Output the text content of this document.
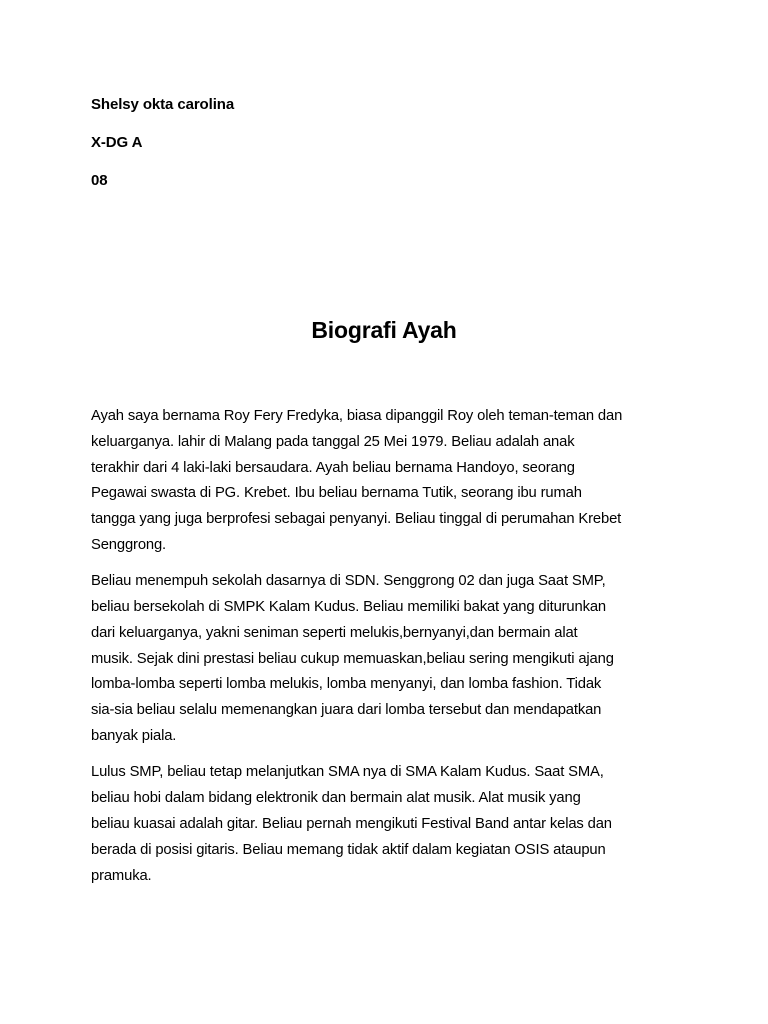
Shelsy okta carolina
X-DG A
08
Biografi Ayah
Ayah saya bernama Roy Fery Fredyka, biasa dipanggil Roy oleh teman-teman dan
keluarganya. lahir di Malang pada tanggal 25 Mei 1979. Beliau adalah anak
terakhir dari 4 laki-laki bersaudara. Ayah beliau bernama Handoyo, seorang
Pegawai swasta di PG. Krebet. Ibu beliau bernama Tutik, seorang ibu rumah
tangga yang juga berprofesi sebagai penyanyi. Beliau tinggal di perumahan Krebet
Senggrong.
Beliau menempuh sekolah dasarnya di SDN. Senggrong 02 dan juga Saat SMP,
beliau bersekolah di SMPK Kalam Kudus. Beliau memiliki bakat yang diturunkan
dari keluarganya, yakni seniman seperti melukis,bernyanyi,dan bermain alat
musik. Sejak dini prestasi beliau cukup memuaskan,beliau sering mengikuti ajang
lomba-lomba seperti lomba melukis, lomba menyanyi, dan lomba fashion. Tidak
sia-sia beliau selalu memenangkan juara dari lomba tersebut dan mendapatkan
banyak piala.
Lulus SMP, beliau tetap melanjutkan SMA nya di SMA Kalam Kudus. Saat SMA,
beliau hobi dalam bidang elektronik dan bermain alat musik. Alat musik yang
beliau kuasai adalah gitar. Beliau pernah mengikuti Festival Band antar kelas dan
berada di posisi gitaris. Beliau memang tidak aktif dalam kegiatan OSIS ataupun
pramuka.
